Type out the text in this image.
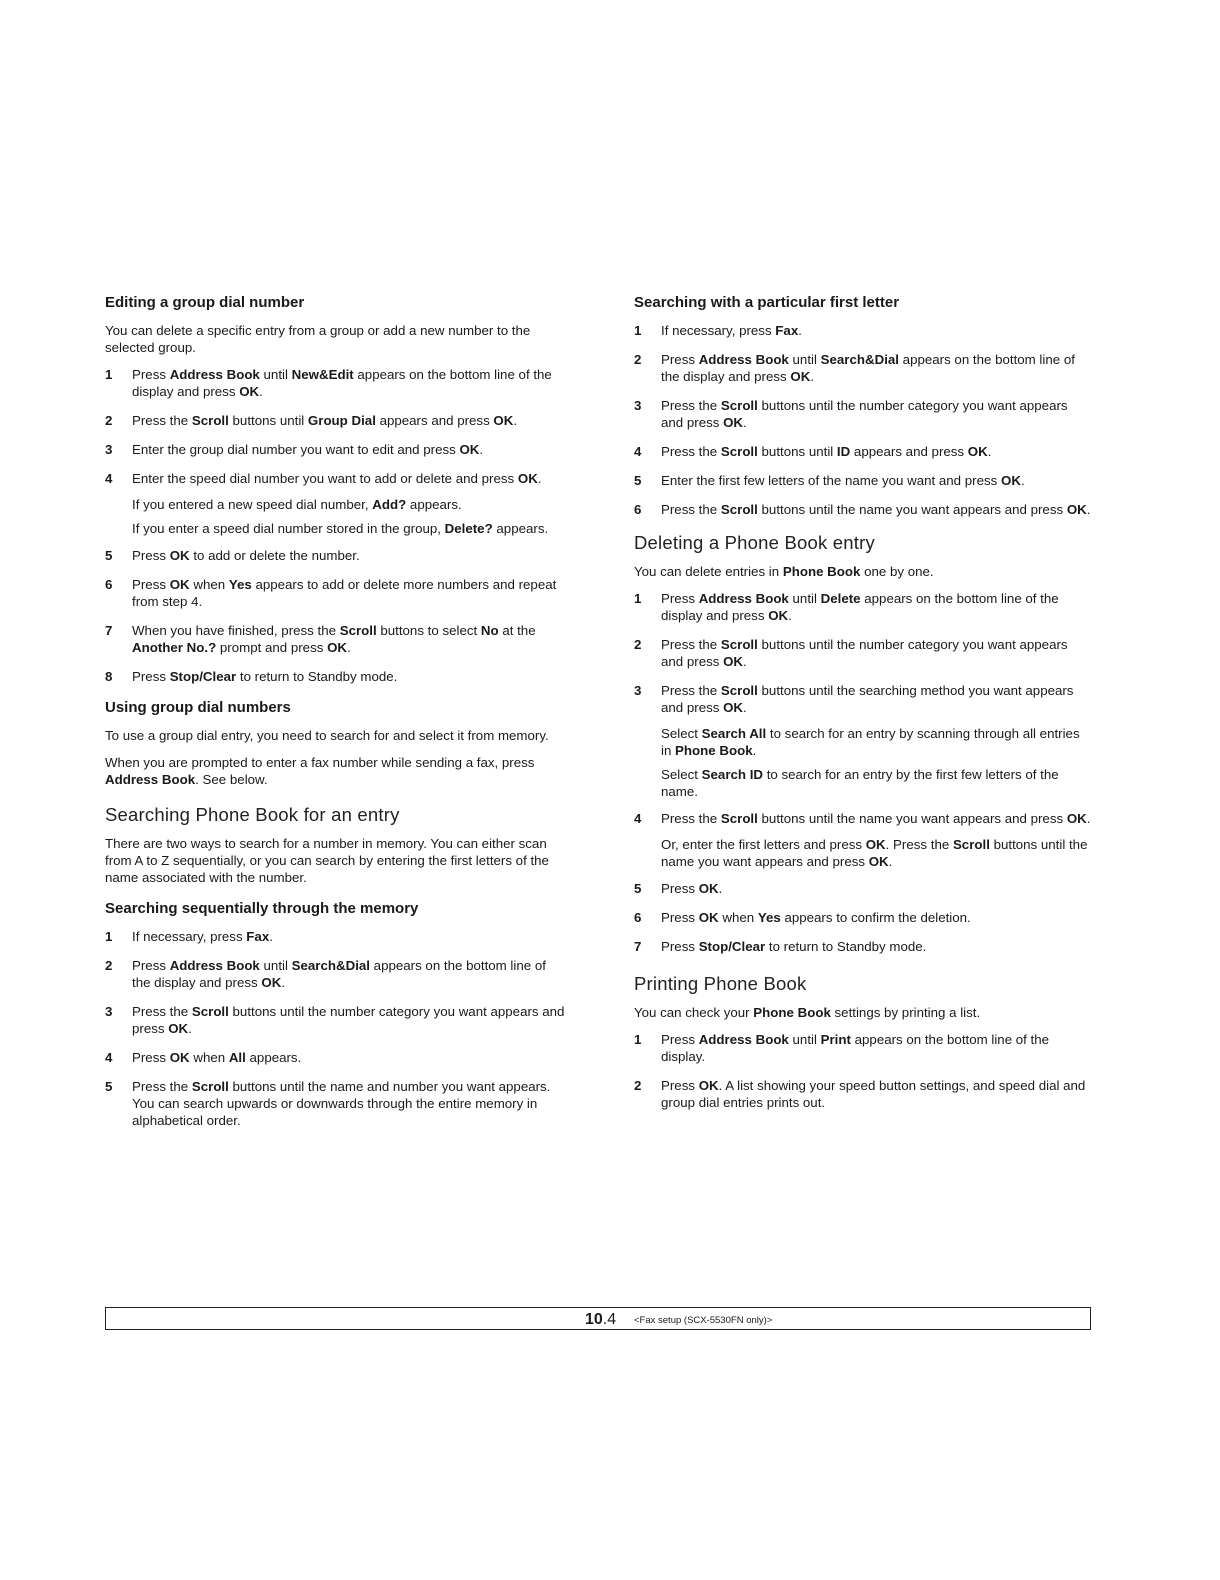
Editing a group dial number

You can delete a specific entry from a group or add a new number to the selected group.

1 Press Address Book until New&Edit appears on the bottom line of the display and press OK.
2 Press the Scroll buttons until Group Dial appears and press OK.
3 Enter the group dial number you want to edit and press OK.
4 Enter the speed dial number you want to add or delete and press OK.

If you entered a new speed dial number, Add? appears.

If you enter a speed dial number stored in the group, Delete? appears.

5 Press OK to add or delete the number.
6 Press OK when Yes appears to add or delete more numbers and repeat from step 4.
7 When you have finished, press the Scroll buttons to select No at the Another No.? prompt and press OK.
8 Press Stop/Clear to return to Standby mode.
Using group dial numbers

To use a group dial entry, you need to search for and select it from memory.

When you are prompted to enter a fax number while sending a fax, press Address Book. See below.

Searching Phone Book for an entry

There are two ways to search for a number in memory. You can either scan from A to Z sequentially, or you can search by entering the first letters of the name associated with the number.

Searching sequentially through the memory
1 If necessary, press Fax.
2 Press Address Book until Search&Dial appears on the bottom line of the display and press OK.
3 Press the Scroll buttons until the number category you want appears and press OK.
4 Press OK when All appears.
5 Press the Scroll buttons until the name and number you want appears. You can search upwards or downwards through the entire memory in alphabetical order.
Searching with a particular first letter
1 If necessary, press Fax.
2 Press Address Book until Search&Dial appears on the bottom line of the display and press OK.
3 Press the Scroll buttons until the number category you want appears and press OK.
4 Press the Scroll buttons until ID appears and press OK.
5 Enter the first few letters of the name you want and press OK.
6 Press the Scroll buttons until the name you want appears and press OK.
Deleting a Phone Book entry

You can delete entries in Phone Book one by one.

1 Press Address Book until Delete appears on the bottom line of the display and press OK.
2 Press the Scroll buttons until the number category you want appears and press OK.
3 Press the Scroll buttons until the searching method you want appears and press OK.

Select Search All to search for an entry by scanning through all entries in Phone Book.

Select Search ID to search for an entry by the first few letters of the name.

4 Press the Scroll buttons until the name you want appears and press OK.

Or, enter the first letters and press OK. Press the Scroll buttons until the name you want appears and press OK.

5 Press OK.
6 Press OK when Yes appears to confirm the deletion.
7 Press Stop/Clear to return to Standby mode.
Printing Phone Book

You can check your Phone Book settings by printing a list.

1 Press Address Book until Print appears on the bottom line of the display.
2 Press OK. A list showing your speed button settings, and speed dial and group dial entries prints out.
10.4 <Fax setup (SCX-5530FN only)>
